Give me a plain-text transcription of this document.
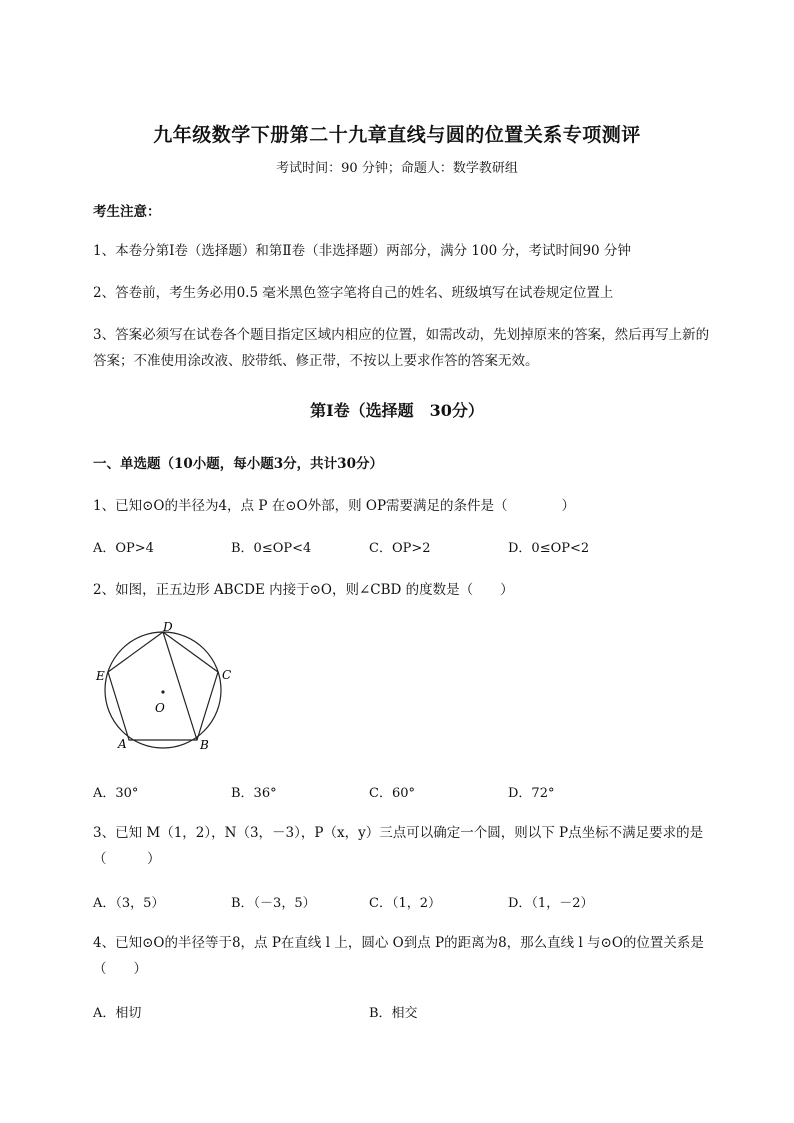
九年级数学下册第二十九章直线与圆的位置关系专项测评
考试时间：90 分钟；命题人：数学教研组
考生注意：
1、本卷分第Ⅰ卷（选择题）和第Ⅱ卷（非选择题）两部分，满分 100 分，考试时间90 分钟
2、答卷前，考生务必用0.5 毫米黑色签字笔将自己的姓名、班级填写在试卷规定位置上
3、答案必须写在试卷各个题目指定区域内相应的位置，如需改动，先划掉原来的答案，然后再写上新的答案；不准使用涂改液、胶带纸、修正带，不按以上要求作答的答案无效。
第Ⅰ卷（选择题　30分）
一、单选题（10小题，每小题3分，共计30分）
1、已知⊙O的半径为4，点 P 在⊙O外部，则 OP需要满足的条件是（　　　　）
A．OP>4	B．0≤OP<4	C．OP>2	D．0≤OP<2
2、如图，正五边形 ABCDE 内接于⊙O，则∠CBD 的度数是（　　）
D
C
E
O
A	B
A．30°	B．36°	C．60°	D．72°
3、已知 M（1，2），N（3，－3），P（x，y）三点可以确定一个圆，则以下 P点坐标不满足要求的是（　　　）
A．（3，5）	B．（－3，5）	C．（1，2）	D．（1，－2）
4、已知⊙O的半径等于8，点 P在直线 l 上，圆心 O到点 P的距离为8，那么直线 l 与⊙O的位置关系是（　　）
A．相切	B．相交
